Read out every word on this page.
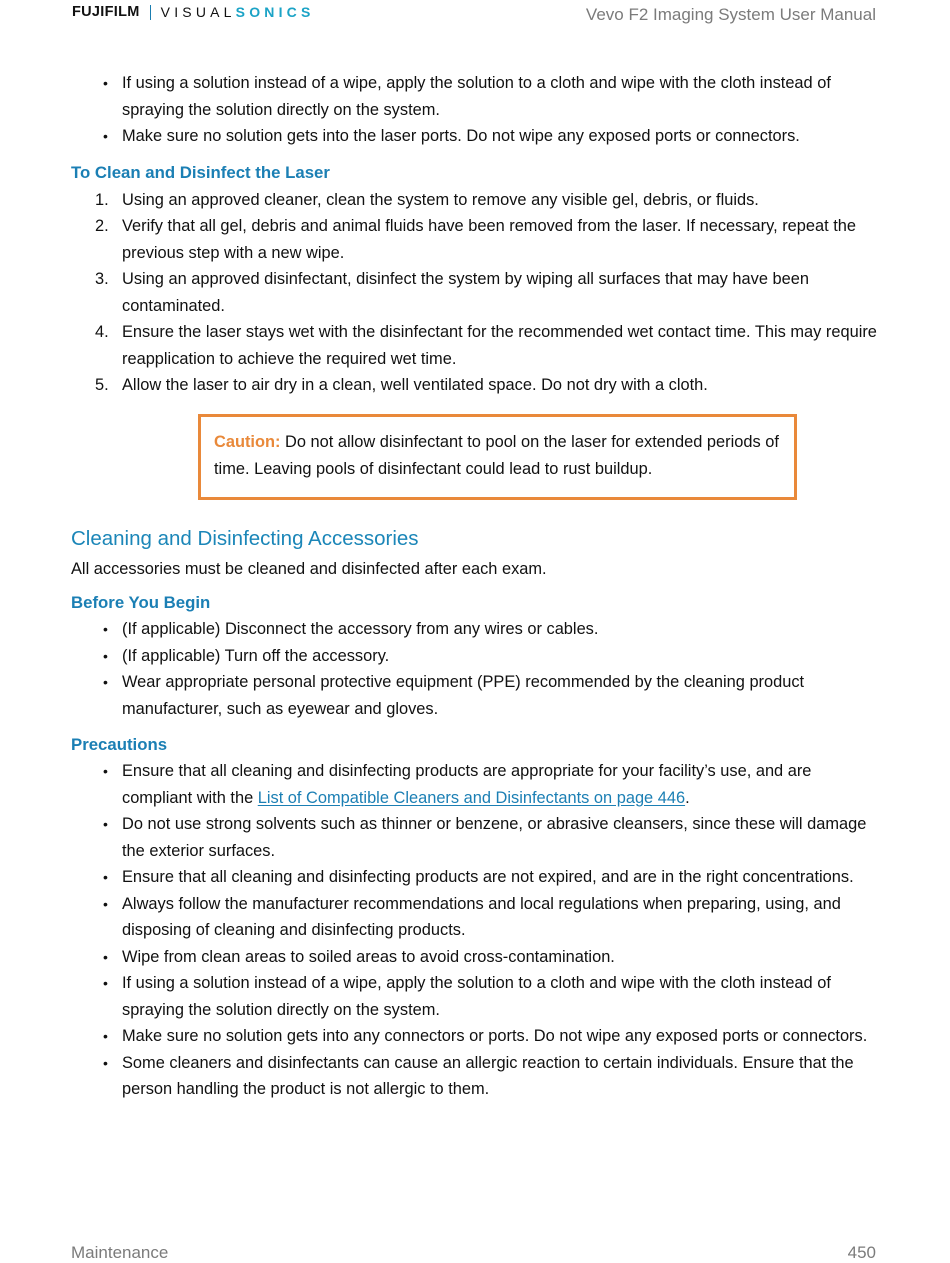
FUJIFILM VISUALSONICS	Vevo F2 Imaging System User Manual
• If using a solution instead of a wipe, apply the solution to a cloth and wipe with the cloth instead of spraying the solution directly on the system.
• Make sure no solution gets into the laser ports. Do not wipe any exposed ports or connectors.
To Clean and Disinfect the Laser
1. Using an approved cleaner, clean the system to remove any visible gel, debris, or fluids.
2. Verify that all gel, debris and animal fluids have been removed from the laser. If necessary, repeat the previous step with a new wipe.
3. Using an approved disinfectant, disinfect the system by wiping all surfaces that may have been contaminated.
4. Ensure the laser stays wet with the disinfectant for the recommended wet contact time. This may require reapplication to achieve the required wet time.
5. Allow the laser to air dry in a clean, well ventilated space. Do not dry with a cloth.
Caution: Do not allow disinfectant to pool on the laser for extended periods of time. Leaving pools of disinfectant could lead to rust buildup.
Cleaning and Disinfecting Accessories

All accessories must be cleaned and disinfected after each exam.

Before You Begin
• (If applicable) Disconnect the accessory from any wires or cables.
• (If applicable) Turn off the accessory.
• Wear appropriate personal protective equipment (PPE) recommended by the cleaning product manufacturer, such as eyewear and gloves.
Precautions
• Ensure that all cleaning and disinfecting products are appropriate for your facility’s use, and are compliant with the List of Compatible Cleaners and Disinfectants on page 446.
• Do not use strong solvents such as thinner or benzene, or abrasive cleansers, since these will damage the exterior surfaces.
• Ensure that all cleaning and disinfecting products are not expired, and are in the right concentrations.
• Always follow the manufacturer recommendations and local regulations when preparing, using, and disposing of cleaning and disinfecting products.
• Wipe from clean areas to soiled areas to avoid cross-contamination.
• If using a solution instead of a wipe, apply the solution to a cloth and wipe with the cloth instead of spraying the solution directly on the system.
• Make sure no solution gets into any connectors or ports. Do not wipe any exposed ports or connectors.
• Some cleaners and disinfectants can cause an allergic reaction to certain individuals. Ensure that the person handling the product is not allergic to them.
Maintenance	450
